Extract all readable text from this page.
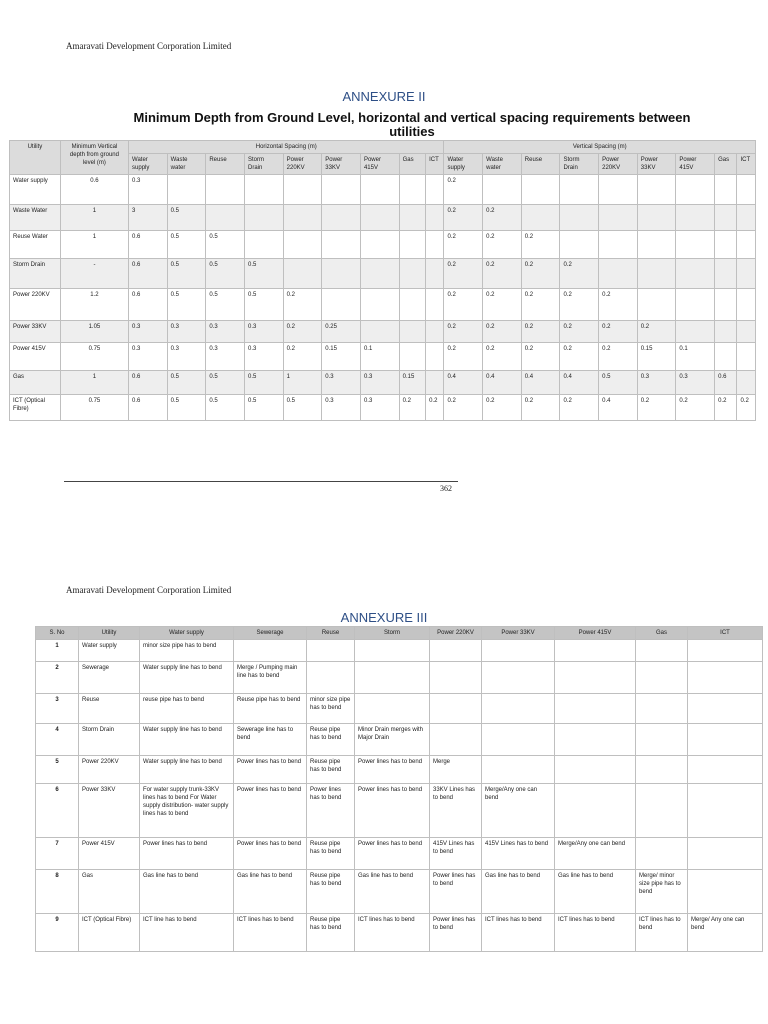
Amaravati Development Corporation Limited
ANNEXURE II
Minimum Depth from Ground Level, horizontal and vertical spacing requirements between utilities
Utility	Minimum Vertical depth from ground level (m)	Horizontal Spacing (m)									Vertical Spacing (m)								
		Water supply	Waste water	Reuse	Storm Drain	Power 220KV	Power 33KV	Power 415V	Gas	ICT	Water supply	Waste water	Reuse	Storm Drain	Power 220KV	Power 33KV	Power 415V	Gas	ICT
Water supply	0.6	0.3									0.2								
Waste Water	1	3	0.5								0.2	0.2							
Reuse Water	1	0.6	0.5	0.5							0.2	0.2	0.2						
Storm Drain	-	0.6	0.5	0.5	0.5						0.2	0.2	0.2	0.2					
Power 220KV	1.2	0.6	0.5	0.5	0.5	0.2					0.2	0.2	0.2	0.2	0.2				
Power 33KV	1.05	0.3	0.3	0.3	0.3	0.2	0.25				0.2	0.2	0.2	0.2	0.2	0.2			
Power 415V	0.75	0.3	0.3	0.3	0.3	0.2	0.15	0.1			0.2	0.2	0.2	0.2	0.2	0.15	0.1		
Gas	1	0.6	0.5	0.5	0.5	1	0.3	0.3	0.15		0.4	0.4	0.4	0.4	0.5	0.3	0.3	0.6	
ICT (Optical Fibre)	0.75	0.6	0.5	0.5	0.5	0.5	0.3	0.3	0.2	0.2	0.2	0.2	0.2	0.2	0.4	0.2	0.2	0.2	0.2
362
Amaravati Development Corporation Limited
ANNEXURE III
S. No	Utility	Water supply	Sewerage	Reuse	Storm	Power 220KV	Power 33KV	Power 415V	Gas	ICT
1	Water supply	minor size pipe has to bend								
2	Sewerage	Water supply line has to bend	Merge / Pumping main line has to bend							
3	Reuse	reuse pipe has to bend	Reuse pipe has to bend	minor size pipe has to bend						
4	Storm Drain	Water supply line has to bend	Sewerage line has to bend	Reuse pipe has to bend	Minor Drain merges with Major Drain					
5	Power 220KV	Water supply line has to bend	Power lines has to bend	Reuse pipe has to bend	Power lines has to bend	Merge				
6	Power 33KV	For water supply trunk-33KV lines has to bend For Water supply distribution- water supply lines has to bend	Power lines has to bend	Power lines has to bend	Power lines has to bend	33KV Lines has to bend	Merge/Any one can bend			
7	Power 415V	Power lines has to bend	Power lines has to bend	Reuse pipe has to bend	Power lines has to bend	415V Lines has to bend	415V Lines has to bend	Merge/Any one can bend		
8	Gas	Gas line has to bend	Gas line has to bend	Reuse pipe has to bend	Gas line has to bend	Power lines has to bend	Gas line has to bend	Gas line has to bend	Merge/ minor size pipe has to bend	
9	ICT (Optical Fibre)	ICT line has to bend	ICT lines has to bend	Reuse pipe has to bend	ICT lines has to bend	Power lines has to bend	ICT lines has to bend	ICT lines has to bend	ICT lines has to bend	Merge/ Any one can bend
